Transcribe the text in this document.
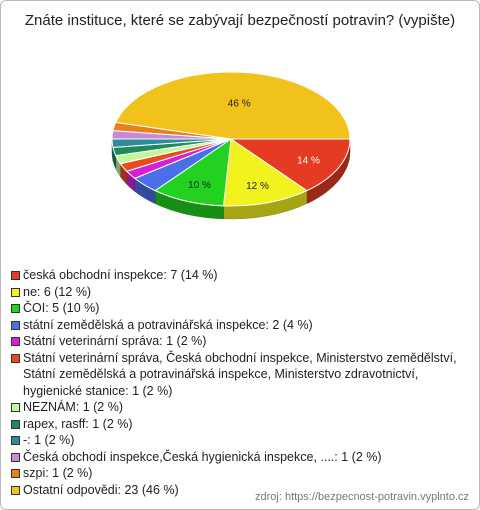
Znáte instituce, které se zabývají bezpečností potravin? (vypište)
14 %
12 %
10 %
46 %
česká obchodní inspekce: 7 (14 %)
ne: 6 (12 %)
ČOI: 5 (10 %)
státní zemědělská a potravinářská inspekce: 2 (4 %)
Státní veterinární správa: 1 (2 %)
Státní veterinární správa, Česká obchodní inspekce, Ministerstvo zemědělství, Státní zemědělská a potravinářská inspekce, Ministerstvo zdravotnictví, hygienické stanice: 1 (2 %)
NEZNÁM: 1 (2 %)
rapex, rasff: 1 (2 %)
-: 1 (2 %)
Česká obchodí inspekce,Česká hygienická inspekce, ....: 1 (2 %)
szpi: 1 (2 %)
Ostatní odpovědi: 23 (46 %)
zdroj: https://bezpecnost-potravin.vyplnto.cz
